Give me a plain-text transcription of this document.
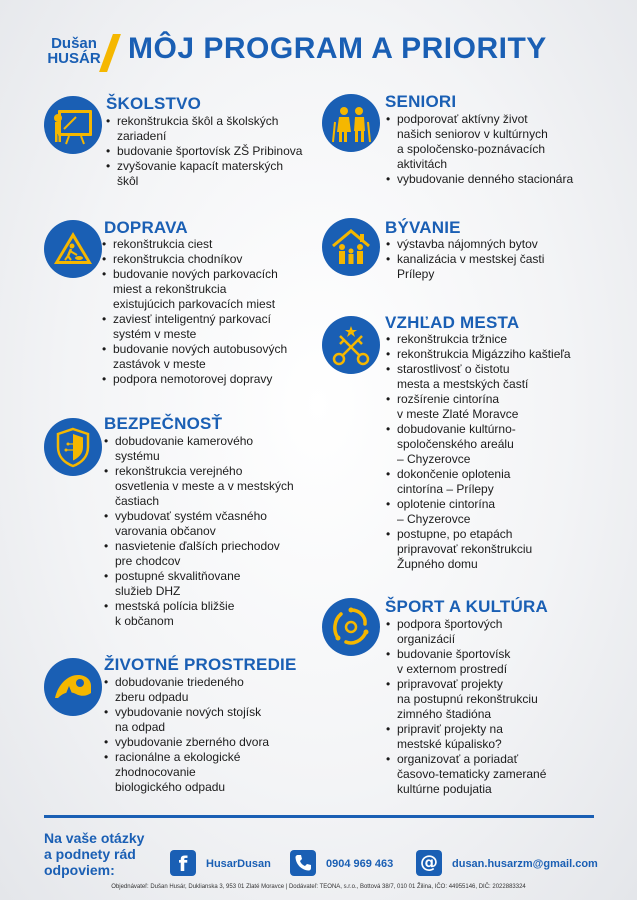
Dušan
HUSÁR MÔJ PROGRAM A PRIORITY
ŠKOLSTVO
• rekonštrukcia škôl a školských
zariadení
• budovanie športovísk ZŠ Pribinova
• zvyšovanie kapacít materských
škôl
DOPRAVA
• rekonštrukcia ciest
• rekonštrukcia chodníkov
• budovanie nových parkovacích
miest a rekonštrukcia
existujúcich parkovacích miest
• zaviesť inteligentný parkovací
systém v meste
• budovanie nových autobusových
zastávok v meste
• podpora nemotorovej dopravy
BEZPEČNOSŤ
• dobudovanie kamerového
systému
• rekonštrukcia verejného
osvetlenia v meste a v mestských
častiach
• vybudovať systém včasného
varovania občanov
• nasvietenie ďalších priechodov
pre chodcov
• postupné skvalitňovane
služieb DHZ
• mestská polícia bližšie
k občanom
ŽIVOTNÉ PROSTREDIE
• dobudovanie triedeného
zberu odpadu
• vybudovanie nových stojísk
na odpad
• vybudovanie zberného dvora
• racionálne a ekologické
zhodnocovanie
biologického odpadu
SENIORI
• podporovať aktívny život
našich seniorov v kultúrnych
a spoločensko-poznávacích
aktivitách
• vybudovanie denného stacionára
BÝVANIE
• výstavba nájomných bytov
• kanalizácia v mestskej časti
Prílepy
VZHĽAD MESTA
• rekonštrukcia tržnice
• rekonštrukcia Migázziho kaštieľa
• starostlivosť o čistotu
mesta a mestských častí
• rozšírenie cintorína
v meste Zlaté Moravce
• dobudovanie kultúrno-
spoločenského areálu
– Chyzerovce
• dokončenie oplotenia
cintorína – Prílepy
• oplotenie cintorína
– Chyzerovce
• postupne, po etapách
pripravovať rekonštrukciu
Župného domu
ŠPORT A KULTÚRA
• podpora športových
organizácií
• budovanie športovísk
v externom prostredí
• pripravovať projekty
na postupnú rekonštrukciu
zimného štadióna
• pripraviť projekty na
mestské kúpalisko?
• organizovať a poriadať
časovo-tematicky zamerané
kultúrne podujatia
Na vaše otázky
a podnety rád
odpoviem:	f	HusarDusan	0904 969 463 @	dusan.husarzm@gmail.com
Objednávateľ: Dušan Husár, Duklianska 3, 953 01 Zlaté Moravce | Dodávateľ: TEONA, s.r.o., Bottová 38/7, 010 01 Žilina, IČO: 44955146, DIČ: 2022883324
